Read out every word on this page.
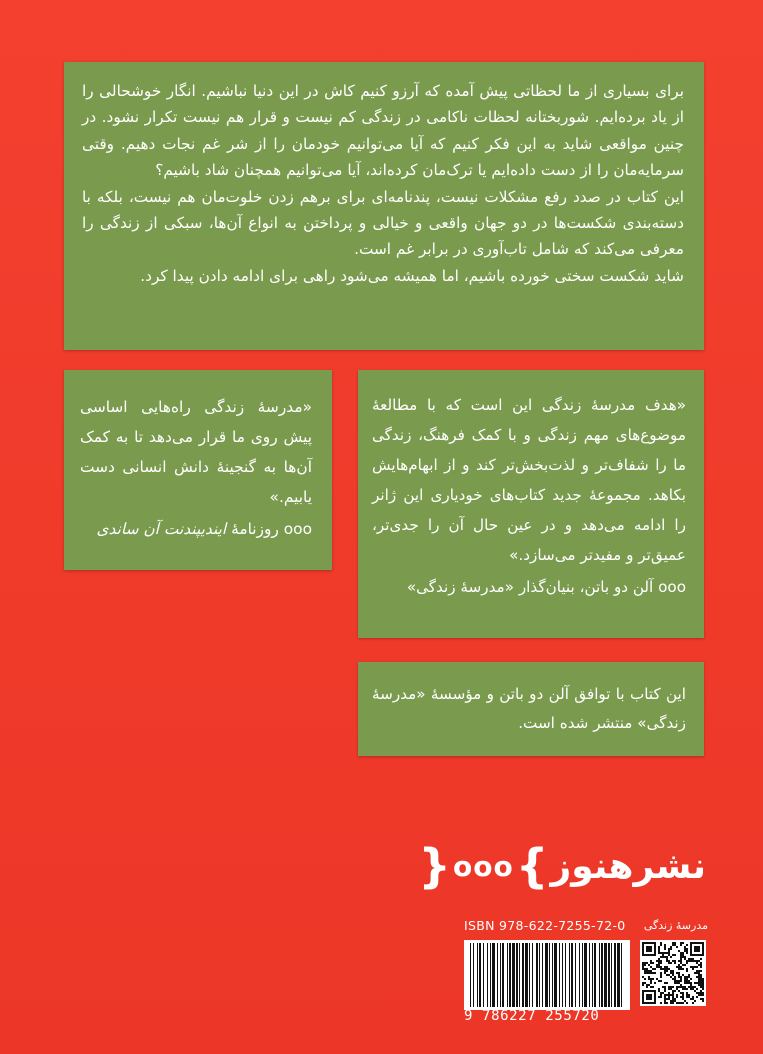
برای بسیاری از ما لحظاتی پیش آمده که آرزو کنیم کاش در این دنیا نباشیم. انگار خوشحالی را از یاد برده‌ایم. شوربختانه لحظات ناکامی در زندگی کم نیست و قرار هم نیست تکرار نشود. در چنین مواقعی شاید به این فکر کنیم که آیا می‌توانیم خودمان را از شر غم نجات دهیم. وقتی سرمایه‌مان را از دست داده‌ایم یا ترک‌مان کرده‌اند، آیا می‌توانیم همچنان شاد باشیم؟

این کتاب در صدد رفع مشکلات نیست، پندنامه‌ای برای برهم زدن خلوت‌مان هم نیست، بلکه با دسته‌بندی شکست‌ها در دو جهان واقعی و خیالی و پرداختن به انواع آن‌ها، سبکی از زندگی را معرفی می‌کند که شامل تاب‌آوری در برابر غم است.

شاید شکست سختی خورده باشیم، اما همیشه می‌شود راهی برای ادامه دادن پیدا کرد.

«مدرسهٔ زندگی راه‌هایی اساسی پیش روی ما قرار می‌دهد تا به کمک آن‌ها به گنجینهٔ دانش انسانی دست یابیم.»

ooo روزنامهٔ ایندیپندنت آن ساندی

«هدف مدرسهٔ زندگی این است که با مطالعهٔ موضوع‌های مهم زندگی و با کمک فرهنگ، زندگی ما را شفاف‌تر و لذت‌بخش‌تر کند و از ابهام‌هایش بکاهد. مجموعهٔ جدید کتاب‌های خودیاری این ژانر را ادامه می‌دهد و در عین حال آن را جدی‌تر، عمیق‌تر و مفیدتر می‌سازد.»

ooo آلن دو باتن، بنیان‌گذار «مدرسهٔ زندگی»

این کتاب با توافق آلن دو باتن و مؤسسهٔ «مدرسهٔ زندگی» منتشر شده است.

نشرهنوز
}
ooo
{
ISBN 978-622-7255-72-0 مدرسهٔ زندگی
9 786227 255720
